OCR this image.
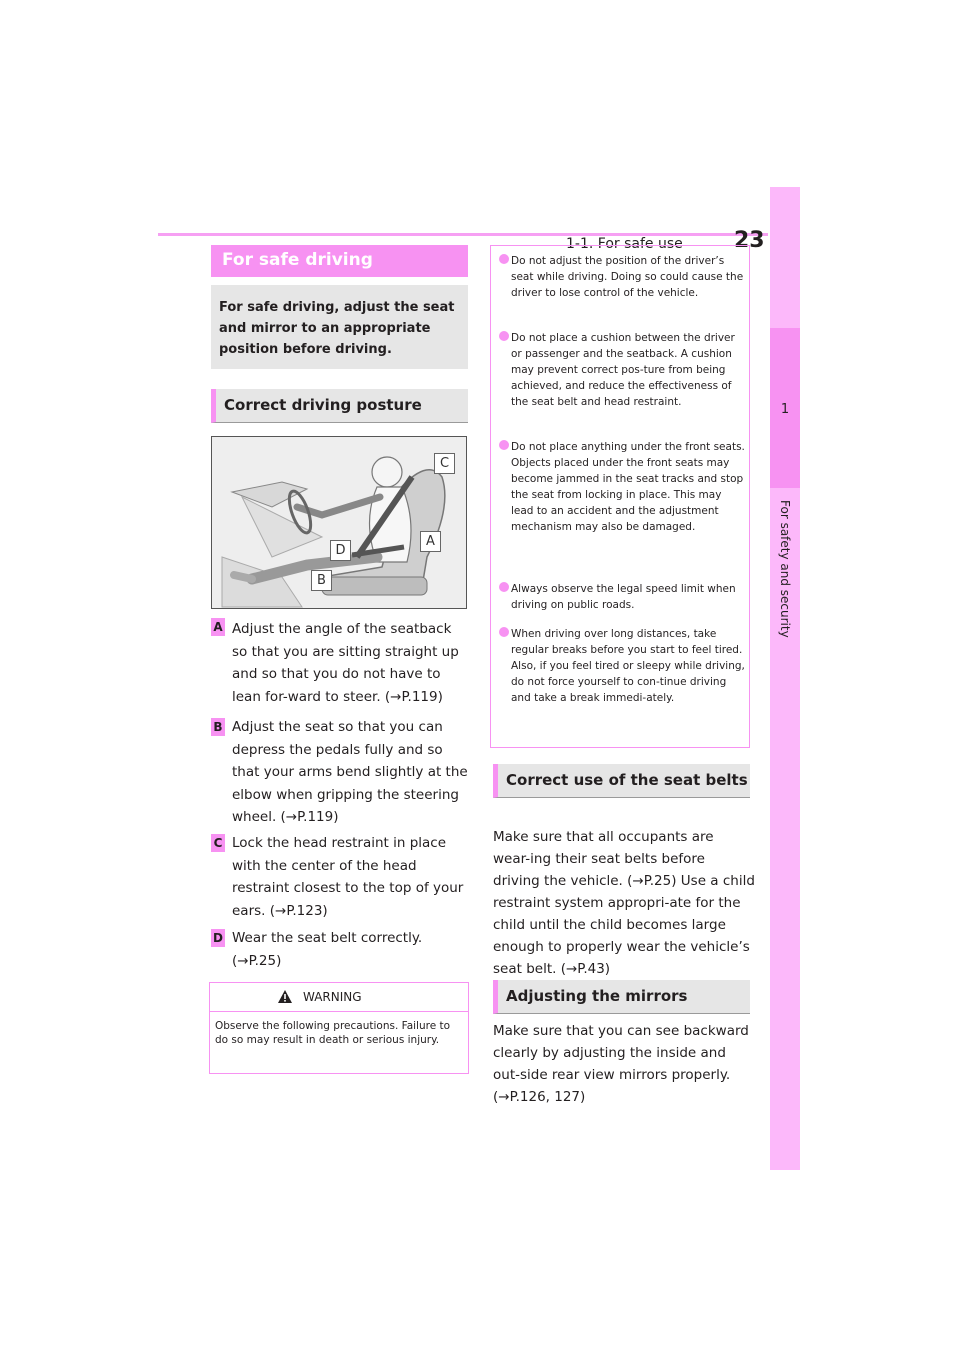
1-1. For safe use 23
1
For safety and security
For safe driving
For safe driving, adjust the seat and mirror to an appropriate position before driving.
Correct driving posture
C
A
D
B
A Adjust the angle of the seatback so that you are sitting straight up and so that you do not have to lean for-ward to steer. (→P.119)
B Adjust the seat so that you can depress the pedals fully and so that your arms bend slightly at the elbow when gripping the steering wheel. (→P.119)
C Lock the head restraint in place with the center of the head restraint closest to the top of your ears. (→P.123)
D Wear the seat belt correctly. (→P.25)
WARNING
Observe the following precautions. Failure to do so may result in death or serious injury.
Do not adjust the position of the driver’s seat while driving. Doing so could cause the driver to lose control of the vehicle.
Do not place a cushion between the driver or passenger and the seatback. A cushion may prevent correct pos-ture from being achieved, and reduce the effectiveness of the seat belt and head restraint.
Do not place anything under the front seats. Objects placed under the front seats may become jammed in the seat tracks and stop the seat from locking in place. This may lead to an accident and the adjustment mechanism may also be damaged.
Always observe the legal speed limit when driving on public roads.
When driving over long distances, take regular breaks before you start to feel tired. Also, if you feel tired or sleepy while driving, do not force yourself to con-tinue driving and take a break immedi-ately.
Correct use of the seat belts
Make sure that all occupants are wear-ing their seat belts before driving the vehicle. (→P.25) Use a child restraint system appropri-ate for the child until the child becomes large enough to properly wear the vehicle’s seat belt. (→P.43)
Adjusting the mirrors
Make sure that you can see backward clearly by adjusting the inside and out-side rear view mirrors properly. (→P.126, 127)
